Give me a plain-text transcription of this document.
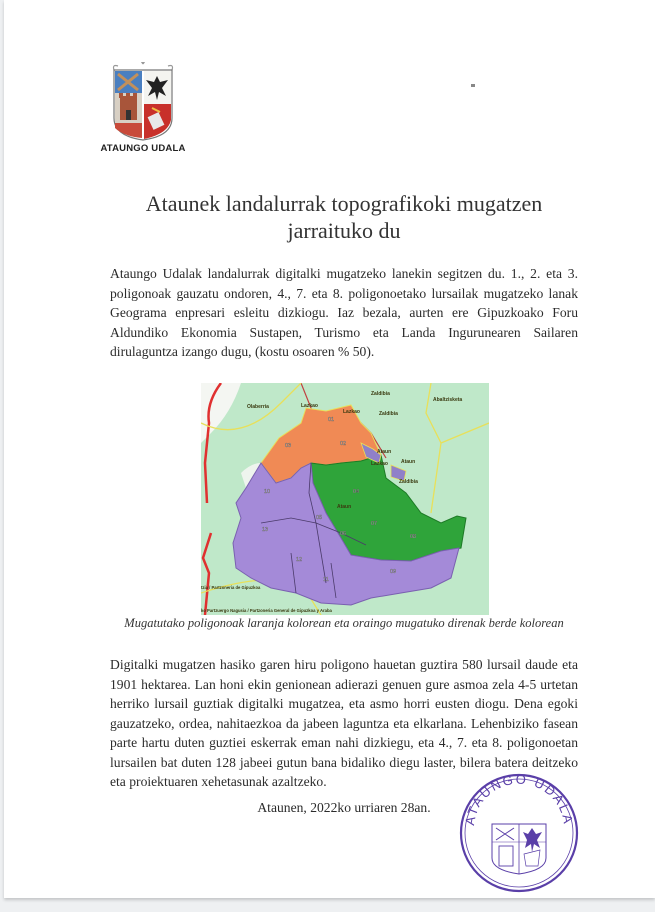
ATAUNGO UDALA
Ataunek landalurrak topografikoki mugatzen
jarraituko du
Ataungo Udalak landalurrak digitalki mugatzeko lanekin segitzen du. 1., 2. eta 3. poligonoak gauzatu ondoren, 4., 7. eta 8. poligonoetako lursailak mugatzeko lanak Geograma enpresari esleitu dizkiogu. Iaz bezala, aurten ere Gipuzkoako Foru Aldundiko Ekonomia Sustapen, Turismo eta Landa Ingurunearen Sailaren dirulaguntza izango dugu, (kostu osoaren % 50).
01
02
03
04
05
06
07
08
09
10
11
12
13
Olaberria	Lazkao
Lazkao	Zaldibia
Zaldibia
Abaltzisketa
Ataun
Ataun
Lazkao
Zaldibia
Ataun
tzia / Partzoneria de Gipuzkoa
ko Partzuergo Nagusia / Partzoneria General de Gipuzkoa y Araba
Mugatutako poligonoak laranja kolorean eta oraingo mugatuko direnak berde kolorean
Digitalki mugatzen hasiko garen hiru poligono hauetan guztira 580 lursail daude eta 1901 hektarea. Lan honi ekin genionean adierazi genuen gure asmoa zela 4-5 urtetan herriko lursail guztiak digitalki mugatzea, eta asmo horri eusten diogu. Dena egoki gauzatzeko, ordea, nahitaezkoa da jabeen laguntza eta elkarlana. Lehenbiziko fasean parte hartu duten guztiei eskerrak eman nahi dizkiegu, eta 4., 7. eta 8. poligonoetan lursailen bat duten 128 jabeei gutun bana bidaliko diegu laster, bilera batera deitzeko eta proiektuaren xehetasunak azaltzeko.
Ataunen, 2022ko urriaren 28an.
ATAUNGO UDALA
